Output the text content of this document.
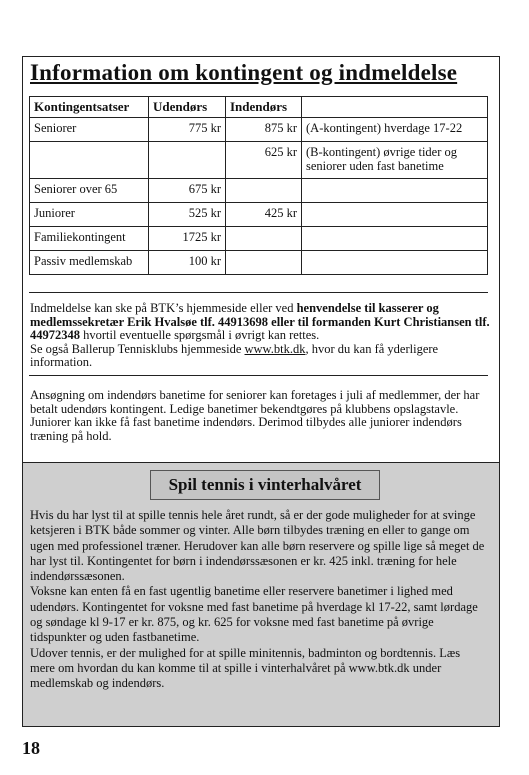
Information om kontingent og indmeldelse
Kontingentsatser	Udendørs	Indendørs	
Seniorer	775 kr	875 kr	(A-kontingent) hverdage 17-22
		625 kr	(B-kontingent) øvrige tider og seniorer uden fast banetime
Seniorer over 65	675 kr		
Juniorer	525 kr	425 kr	
Familiekontingent	1725 kr		
Passiv medlemskab	100 kr		

Indmeldelse kan ske på BTK’s hjemmeside eller ved henvendelse til kasserer og medlemssekretær Erik Hvalsøe tlf. 44913698 eller til formanden Kurt Christiansen tlf. 44972348 hvortil eventuelle spørgsmål i øvrigt kan rettes.
Se også Ballerup Tennisklubs hjemmeside www.btk.dk, hvor du kan få yderligere information.

Ansøgning om indendørs banetime for seniorer kan foretages i juli af medlemmer, der har betalt udendørs kontingent. Ledige banetimer bekendtgøres på klubbens opslagstavle.
Juniorer kan ikke få fast banetime indendørs. Derimod tilbydes alle juniorer indendørs træning på hold.

Spil tennis i vinterhalvåret

Hvis du har lyst til at spille tennis hele året rundt, så er der gode muligheder for at svinge ketsjeren i BTK både sommer og vinter. Alle børn tilbydes træning en eller to gange om ugen med professionel træner. Herudover kan alle børn reservere og spille lige så meget de har lyst til. Kontingentet for børn i indendørssæsonen er kr. 425 inkl. træning for hele indendørssæsonen.
Voksne kan enten få en fast ugentlig banetime eller reservere banetimer i lighed med udendørs. Kontingentet for voksne med fast banetime på hverdage kl 17-22, samt lørdage og søndage kl 9-17 er kr. 875, og kr. 625 for voksne med fast banetime på øvrige tidspunkter og uden fastbanetime.
Udover tennis, er der mulighed for at spille minitennis, badminton og bordtennis. Læs mere om hvordan du kan komme til at spille i vinterhalvåret på www.btk.dk under medlemskab og indendørs.

18
